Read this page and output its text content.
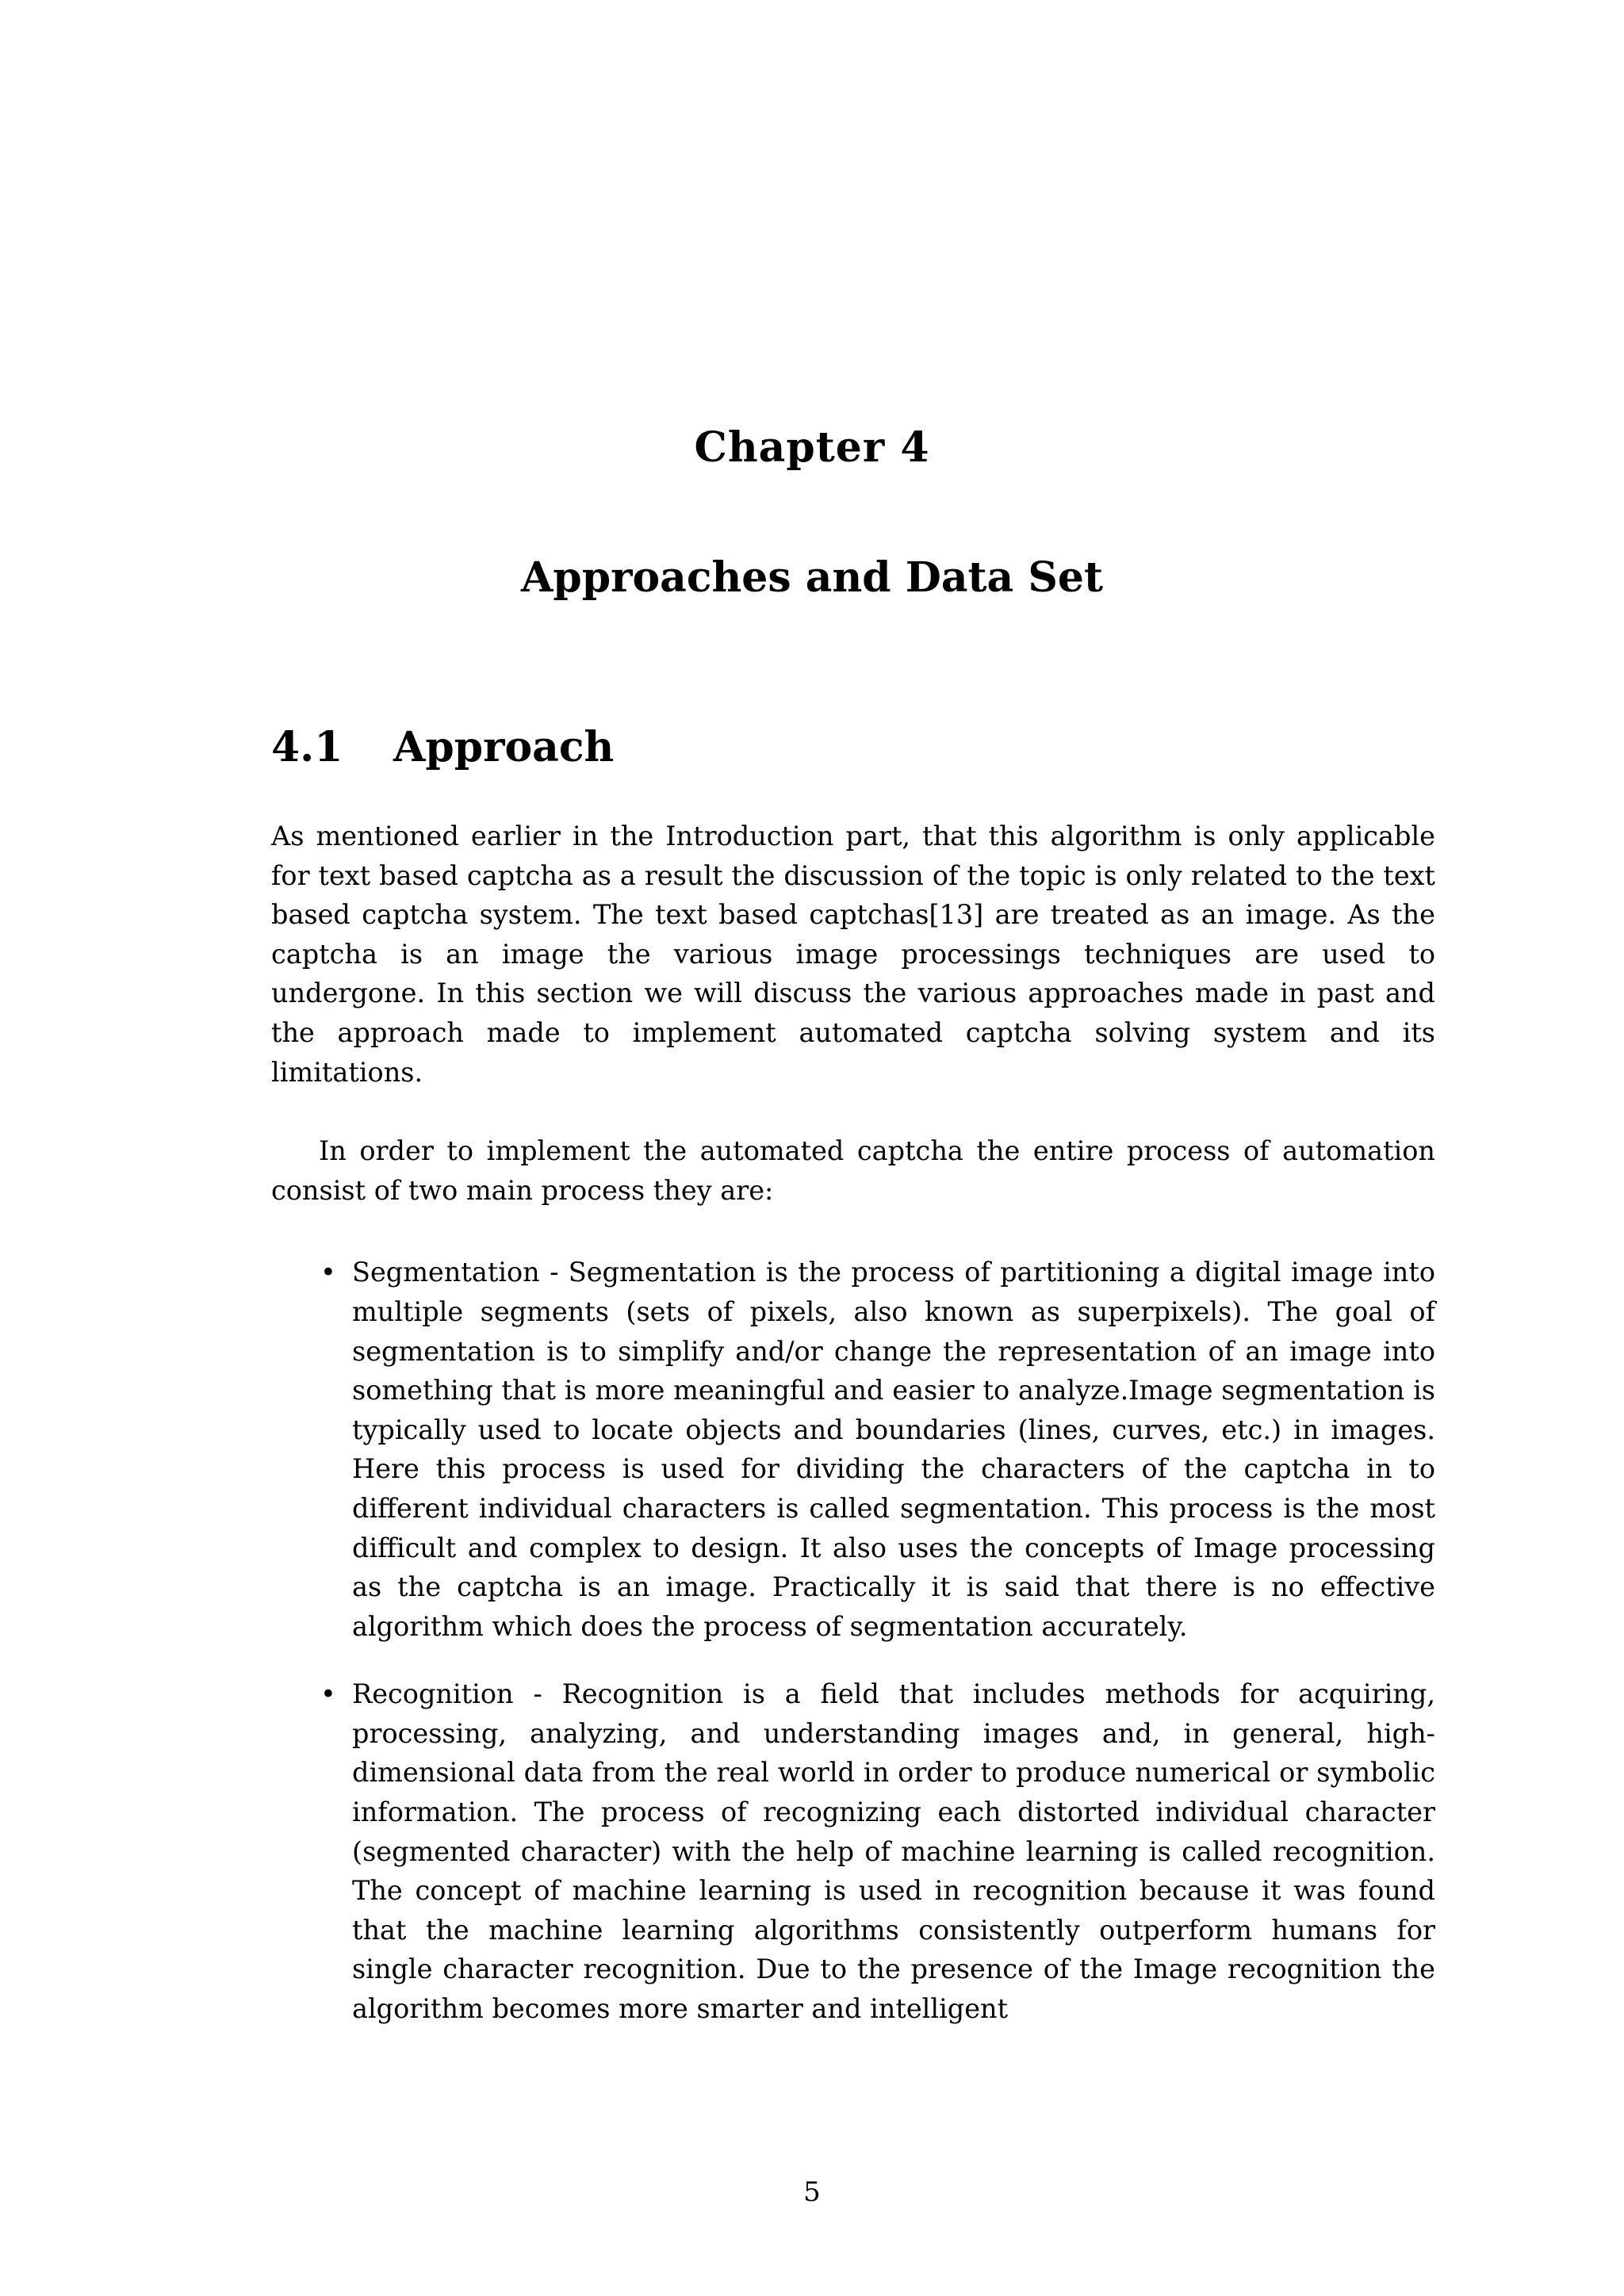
Chapter 4
Approaches and Data Set
4.1 Approach

As mentioned earlier in the Introduction part, that this algorithm is only applicable for text based captcha as a result the discussion of the topic is only related to the text based captcha system. The text based captchas[13] are treated as an image. As the captcha is an image the various image processings techniques are used to undergone. In this section we will discuss the various approaches made in past and the approach made to implement automated captcha solving system and its limitations.

In order to implement the automated captcha the entire process of automation consist of two main process they are:

• Segmentation - Segmentation is the process of partitioning a digital image into multiple segments (sets of pixels, also known as superpixels). The goal of segmentation is to simplify and/or change the representation of an image into something that is more meaningful and easier to analyze.Image segmentation is typically used to locate objects and boundaries (lines, curves, etc.) in images. Here this process is used for dividing the characters of the captcha in to different individual characters is called segmentation. This process is the most difficult and complex to design. It also uses the concepts of Image processing as the captcha is an image. Practically it is said that there is no effective algorithm which does the process of segmentation accurately.
• Recognition - Recognition is a field that includes methods for acquiring, processing, analyzing, and understanding images and, in general, high-dimensional data from the real world in order to produce numerical or symbolic information. The process of recognizing each distorted individual character (segmented character) with the help of machine learning is called recognition. The concept of machine learning is used in recognition because it was found that the machine learning algorithms consistently outperform humans for single character recognition. Due to the presence of the Image recognition the algorithm becomes more smarter and intelligent
5
